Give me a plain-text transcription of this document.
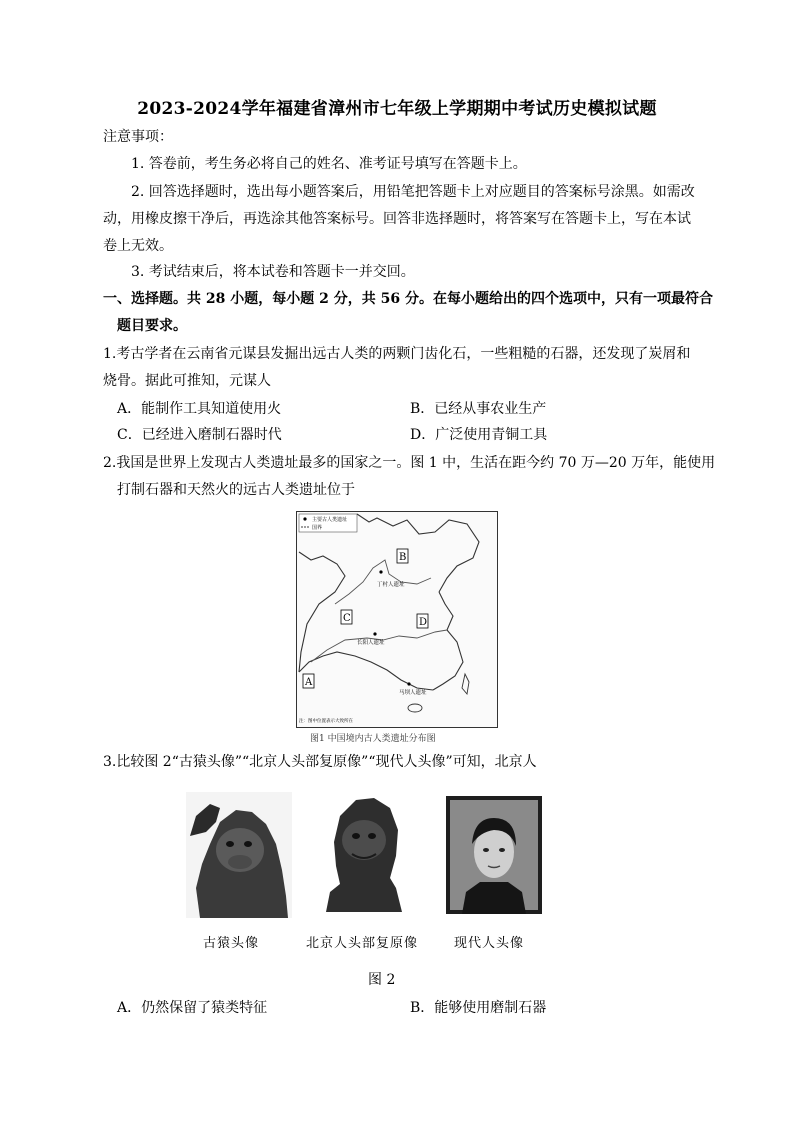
2023-2024学年福建省漳州市七年级上学期期中考试历史模拟试题
注意事项：
1. 答卷前，考生务必将自己的姓名、准考证号填写在答题卡上。
2. 回答选择题时，选出每小题答案后，用铅笔把答题卡上对应题目的答案标号涂黑。如需改
动，用橡皮擦干净后，再选涂其他答案标号。回答非选择题时，将答案写在答题卡上，写在本试
卷上无效。
3. 考试结束后，将本试卷和答题卡一并交回。
一、选择题。共 28 小题，每小题 2 分，共 56 分。在每小题给出的四个选项中，只有一项最符合
题目要求。
1.考古学者在云南省元谋县发掘出远古人类的两颗门齿化石，一些粗糙的石器，还发现了炭屑和
烧骨。据此可推知，元谋人
A．能制作工具知道使用火	B．已经从事农业生产
C．已经进入磨制石器时代	D．广泛使用青铜工具
2.我国是世界上发现古人类遗址最多的国家之一。图 1 中，生活在距今约 70 万—20 万年，能使用
打制石器和天然火的远古人类遗址位于
主要古人类遗址
国界
B
C	D
A
丁村人遗址
长阳人遗址
马坝人遗址
注：图中位置表示大致所在
图1 中国境内古人类遗址分布图
3.比较图 2“古猿头像”“北京人头部复原像”“现代人头像”可知，北京人
古猿头像	北京人头部复原像	现代人头像
图 2
A．仍然保留了猿类特征	B．能够使用磨制石器
